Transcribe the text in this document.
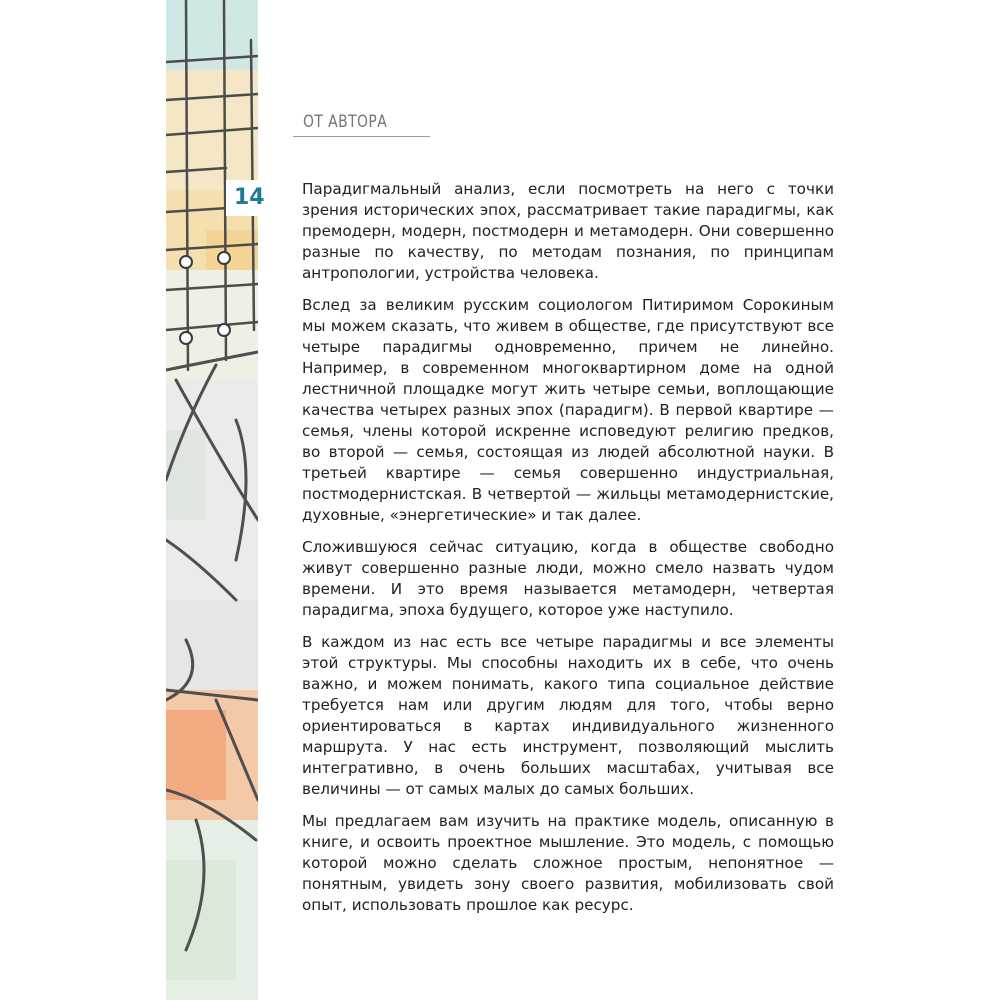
14
ОТ АВТОРА

Парадигмальный анализ, если посмотреть на него с точки зрения исторических эпох, рассматривает такие парадигмы, как премодерн, модерн, постмодерн и метамодерн. Они совершенно разные по качеству, по методам познания, по принципам антропологии, устройства человека.

Вслед за великим русским социологом Питиримом Сорокиным мы можем сказать, что живем в обществе, где присутствуют все четыре парадигмы одновременно, причем не линейно. Например, в современном многоквартирном доме на одной лестничной площадке могут жить четыре семьи, воплощающие качества четырех разных эпох (парадигм). В первой квартире — семья, члены которой искренне исповедуют религию предков, во второй — семья, состоящая из людей абсолютной науки. В третьей квартире — семья совершенно индустриальная, постмодернистская. В четвертой — жильцы метамодернистские, духовные, «энергетические» и так далее.

Сложившуюся сейчас ситуацию, когда в обществе свободно живут совершенно разные люди, можно смело назвать чудом времени. И это время называется метамодерн, четвертая парадигма, эпоха будущего, которое уже наступило.

В каждом из нас есть все четыре парадигмы и все элементы этой структуры. Мы способны находить их в себе, что очень важно, и можем понимать, какого типа социальное действие требуется нам или другим людям для того, чтобы верно ориентироваться в картах индивидуального жизненного маршрута. У нас есть инструмент, позволяющий мыслить интегративно, в очень больших масштабах, учитывая все величины — от самых малых до самых больших.

Мы предлагаем вам изучить на практике модель, описанную в книге, и освоить проектное мышление. Это модель, с помощью которой можно сделать сложное простым, непонятное — понятным, увидеть зону своего развития, мобилизовать свой опыт, использовать прошлое как ресурс.
